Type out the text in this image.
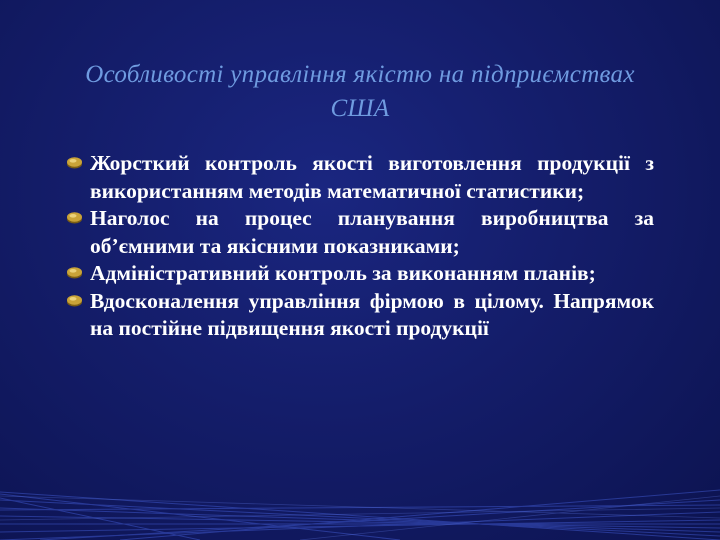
Особливості управління якістю на підприємствах США
Жорсткий контроль якості виготовлення продукції з використанням методів математичної статистики;
Наголос на процес планування виробництва за об’ємними та якісними показниками;
Адміністративний контроль за виконанням планів;
Вдосконалення управління фірмою в цілому. Напрямок на постійне підвищення якості продукції
